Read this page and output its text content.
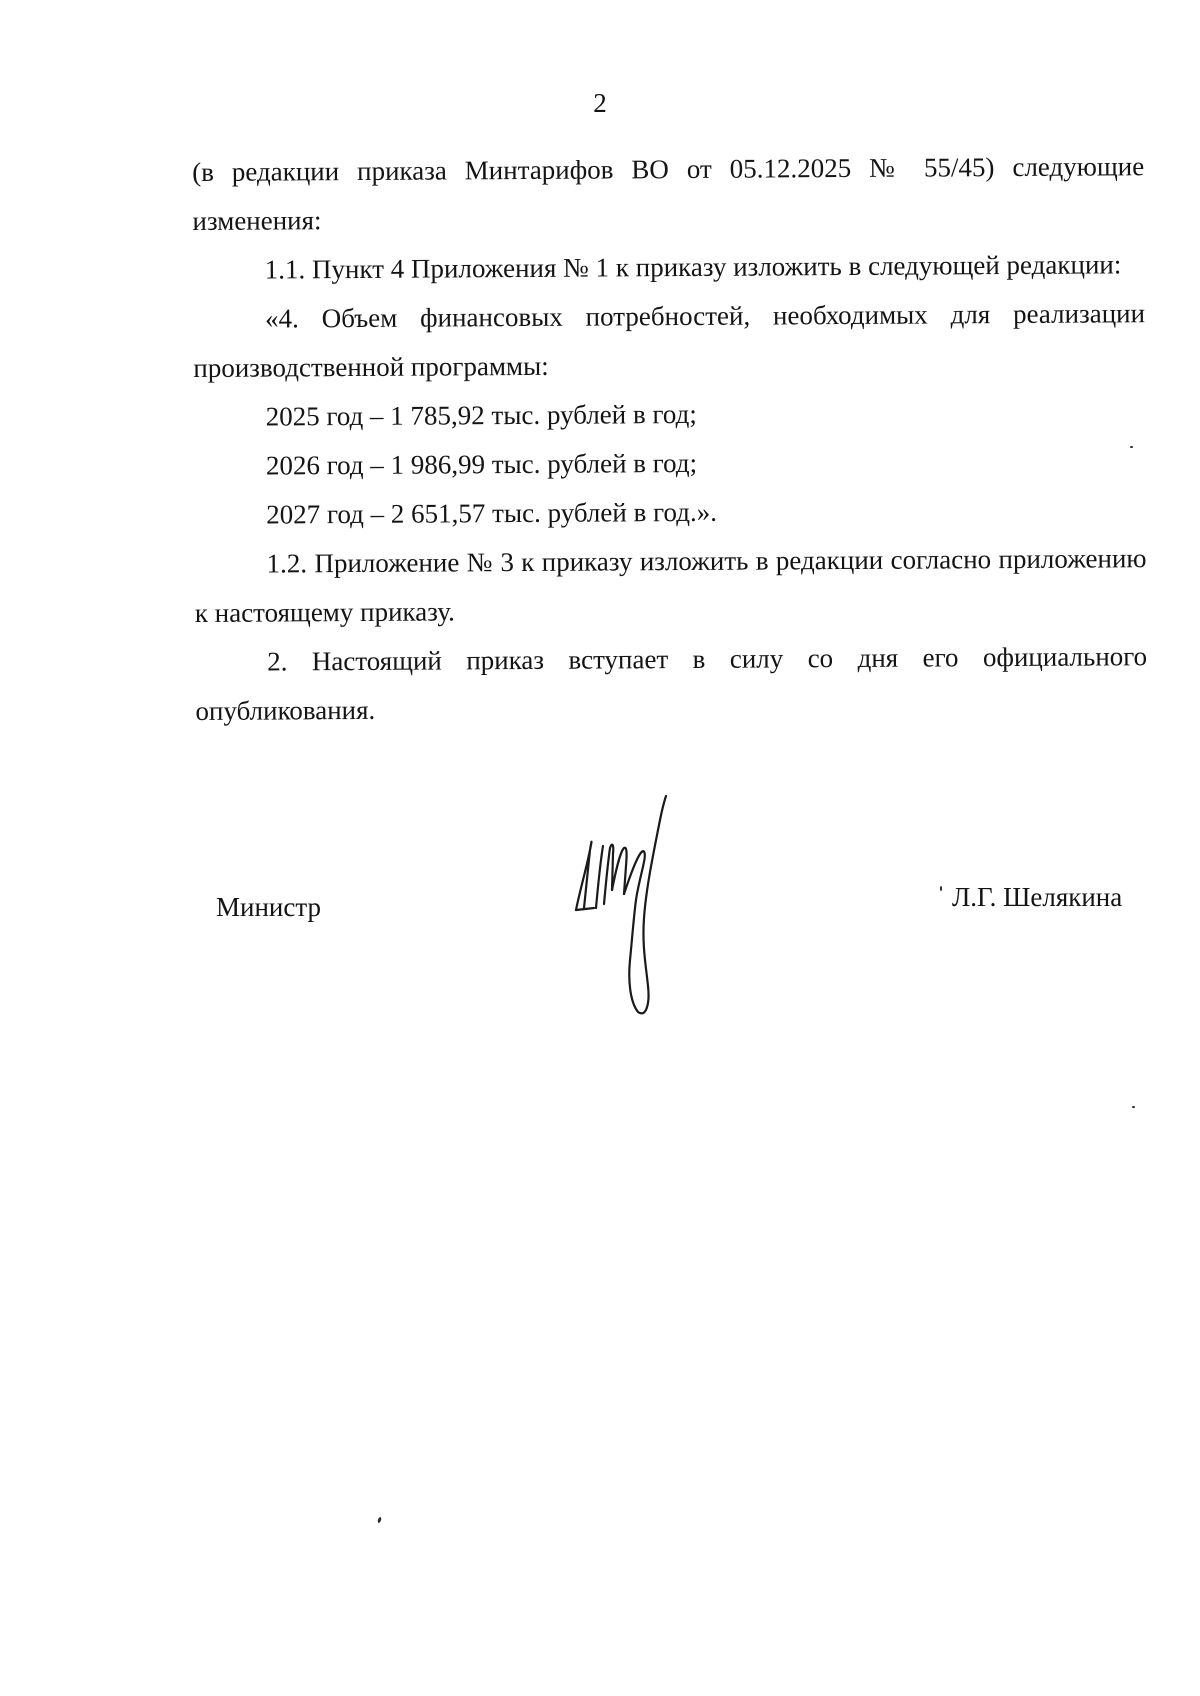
2

(в редакции приказа Минтарифов ВО от 05.12.2025 № 55/45) следующие изменения:

1.1. Пункт 4 Приложения № 1 к приказу изложить в следующей редакции:

«4. Объем финансовых потребностей, необходимых для реализации производственной программы:

2025 год – 1 785,92 тыс. рублей в год;

2026 год – 1 986,99 тыс. рублей в год;

2027 год – 2 651,57 тыс. рублей в год.».

1.2. Приложение № 3 к приказу изложить в редакции согласно приложению к настоящему приказу.

2. Настоящий приказ вступает в силу со дня его официального опубликования.

Министр	Л.Г. Шелякина
